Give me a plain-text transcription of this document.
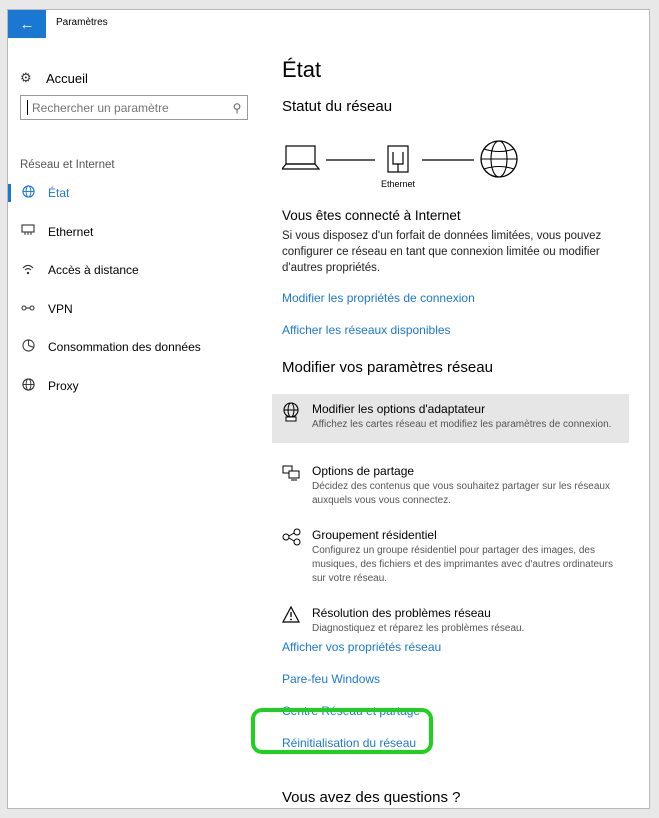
← Paramètres
⚙	Accueil
Rechercher un paramètre
⚲
Réseau et Internet
État
Ethernet
Accès à distance
VPN
Consommation des données
Proxy
État
Statut du réseau
Ethernet
Vous êtes connecté à Internet
Si vous disposez d'un forfait de données limitées, vous pouvez configurer ce réseau en tant que connexion limitée ou modifier d'autres propriétés.
Modifier les propriétés de connexion
Afficher les réseaux disponibles
Modifier vos paramètres réseau
Modifier les options d'adaptateur
Affichez les cartes réseau et modifiez les paramètres de connexion.
Options de partage
Décidez des contenus que vous souhaitez partager sur les réseaux auxquels vous vous connectez.
Groupement résidentiel
Configurez un groupe résidentiel pour partager des images, des musiques, des fichiers et des imprimantes avec d'autres ordinateurs sur votre réseau.
Résolution des problèmes réseau
Diagnostiquez et réparez les problèmes réseau.
Afficher vos propriétés réseau
Pare-feu Windows
Centre Réseau et partage
Réinitialisation du réseau
Vous avez des questions ?
